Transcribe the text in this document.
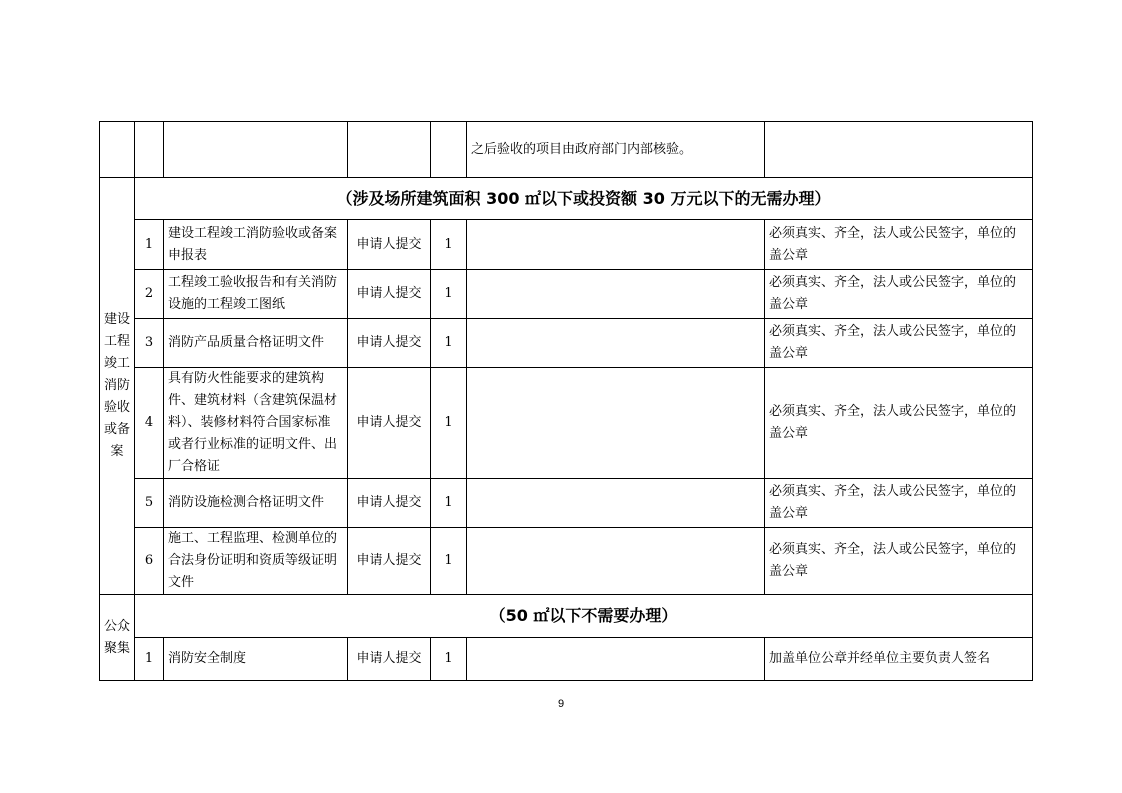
					之后验收的项目由政府部门内部核验。	
建设工程竣工消防验收或备案	（涉及场所建筑面积 300 ㎡以下或投资额 30 万元以下的无需办理）					
	1	建设工程竣工消防验收或备案申报表	申请人提交	1		必须真实、齐全，法人或公民签字，单位的盖公章
	2	工程竣工验收报告和有关消防设施的工程竣工图纸	申请人提交	1		必须真实、齐全，法人或公民签字，单位的盖公章
	3	消防产品质量合格证明文件	申请人提交	1		必须真实、齐全，法人或公民签字，单位的盖公章
	4	具有防火性能要求的建筑构件、建筑材料（含建筑保温材料）、装修材料符合国家标准或者行业标准的证明文件、出厂合格证	申请人提交	1		必须真实、齐全，法人或公民签字，单位的盖公章
	5	消防设施检测合格证明文件	申请人提交	1		必须真实、齐全，法人或公民签字，单位的盖公章
	6	施工、工程监理、检测单位的合法身份证明和资质等级证明文件	申请人提交	1		必须真实、齐全，法人或公民签字，单位的盖公章
公众聚集	（50 ㎡以下不需要办理）					
	1	消防安全制度	申请人提交	1		加盖单位公章并经单位主要负责人签名
9
